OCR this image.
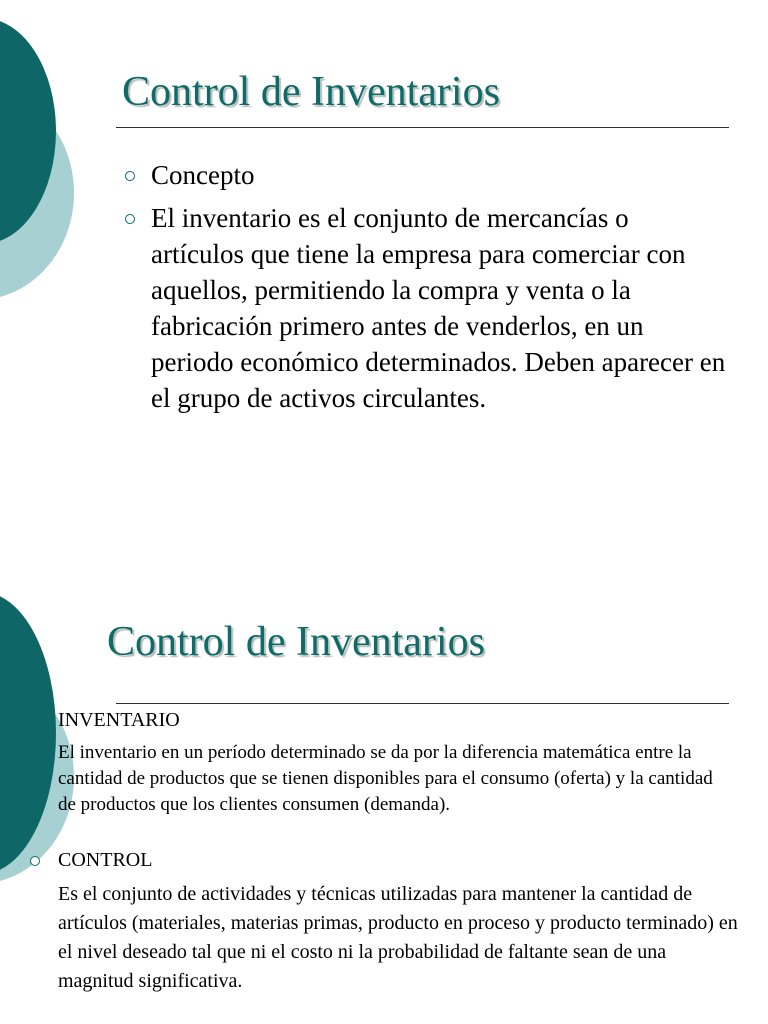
Control de Inventarios
Concepto
El inventario es el conjunto de mercancías o artículos que tiene la empresa para comerciar con aquellos, permitiendo la compra y venta o la fabricación primero antes de venderlos, en un periodo económico determinados. Deben aparecer en el grupo de activos circulantes.
Control de Inventarios
INVENTARIO
El inventario en un período determinado se da por la diferencia matemática entre la cantidad de productos que se tienen disponibles para el consumo (oferta) y la cantidad de productos que los clientes consumen (demanda).
CONTROL
Es el conjunto de actividades y técnicas utilizadas para mantener la cantidad de artículos (materiales, materias primas, producto en proceso y producto terminado) en el nivel deseado tal que ni el costo ni la probabilidad de faltante sean de una magnitud significativa.
